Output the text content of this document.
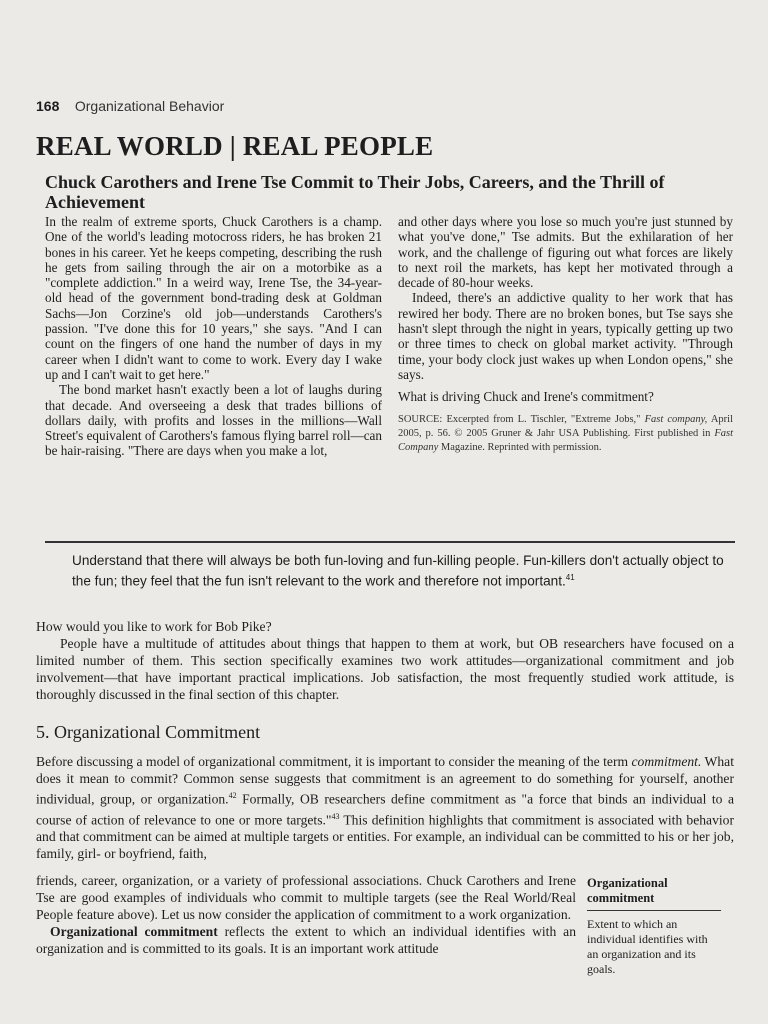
168 Organizational Behavior
REAL WORLD | REAL PEOPLE
Chuck Carothers and Irene Tse Commit to Their Jobs, Careers, and the Thrill of Achievement

In the realm of extreme sports, Chuck Carothers is a champ. One of the world's leading motocross riders, he has broken 21 bones in his career. Yet he keeps competing, describing the rush he gets from sailing through the air on a motorbike as a "complete addiction." In a weird way, Irene Tse, the 34-year-old head of the government bond-trading desk at Goldman Sachs—Jon Corzine's old job—understands Carothers's passion. "I've done this for 10 years," she says. "And I can count on the fingers of one hand the number of days in my career when I didn't want to come to work. Every day I wake up and I can't wait to get here."

The bond market hasn't exactly been a lot of laughs during that decade. And overseeing a desk that trades billions of dollars daily, with profits and losses in the millions—Wall Street's equivalent of Carothers's famous flying barrel roll—can be hair-raising. "There are days when you make a lot,

and other days where you lose so much you're just stunned by what you've done," Tse admits. But the exhilaration of her work, and the challenge of figuring out what forces are likely to next roil the markets, has kept her motivated through a decade of 80-hour weeks.

Indeed, there's an addictive quality to her work that has rewired her body. There are no broken bones, but Tse says she hasn't slept through the night in years, typically getting up two or three times to check on global market activity. "Through time, your body clock just wakes up when London opens," she says.

What is driving Chuck and Irene's commitment?

SOURCE: Excerpted from L. Tischler, "Extreme Jobs," Fast company, April 2005, p. 56. © 2005 Gruner & Jahr USA Publishing. First published in Fast Company Magazine. Reprinted with permission.

Understand that there will always be both fun-loving and fun-killing people. Fun-killers don't actually object to the fun; they feel that the fun isn't relevant to the work and therefore not important.$^{41}$

How would you like to work for Bob Pike?

People have a multitude of attitudes about things that happen to them at work, but OB researchers have focused on a limited number of them. This section specifically examines two work attitudes—organizational commitment and job involvement—that have important practical implications. Job satisfaction, the most frequently studied work attitude, is thoroughly discussed in the final section of this chapter.

5. Organizational Commitment

Before discussing a model of organizational commitment, it is important to consider the meaning of the term commitment. What does it mean to commit? Common sense suggests that commitment is an agreement to do something for yourself, another individual, group, or organization.$^{42}$ Formally, OB researchers define commitment as "a force that binds an individual to a course of action of relevance to one or more targets."$^{43}$ This definition highlights that commitment is associated with behavior and that commitment can be aimed at multiple targets or entities. For example, an individual can be committed to his or her job, family, girl- or boyfriend, faith,

friends, career, organization, or a variety of professional associations. Chuck Carothers and Irene Tse are good examples of individuals who commit to multiple targets (see the Real World/Real People feature above). Let us now consider the application of commitment to a work organization.

Organizational commitment reflects the extent to which an individual identifies with an organization and is committed to its goals. It is an important work attitude

Organizational commitment
Extent to which an individual identifies with an organization and its goals.
